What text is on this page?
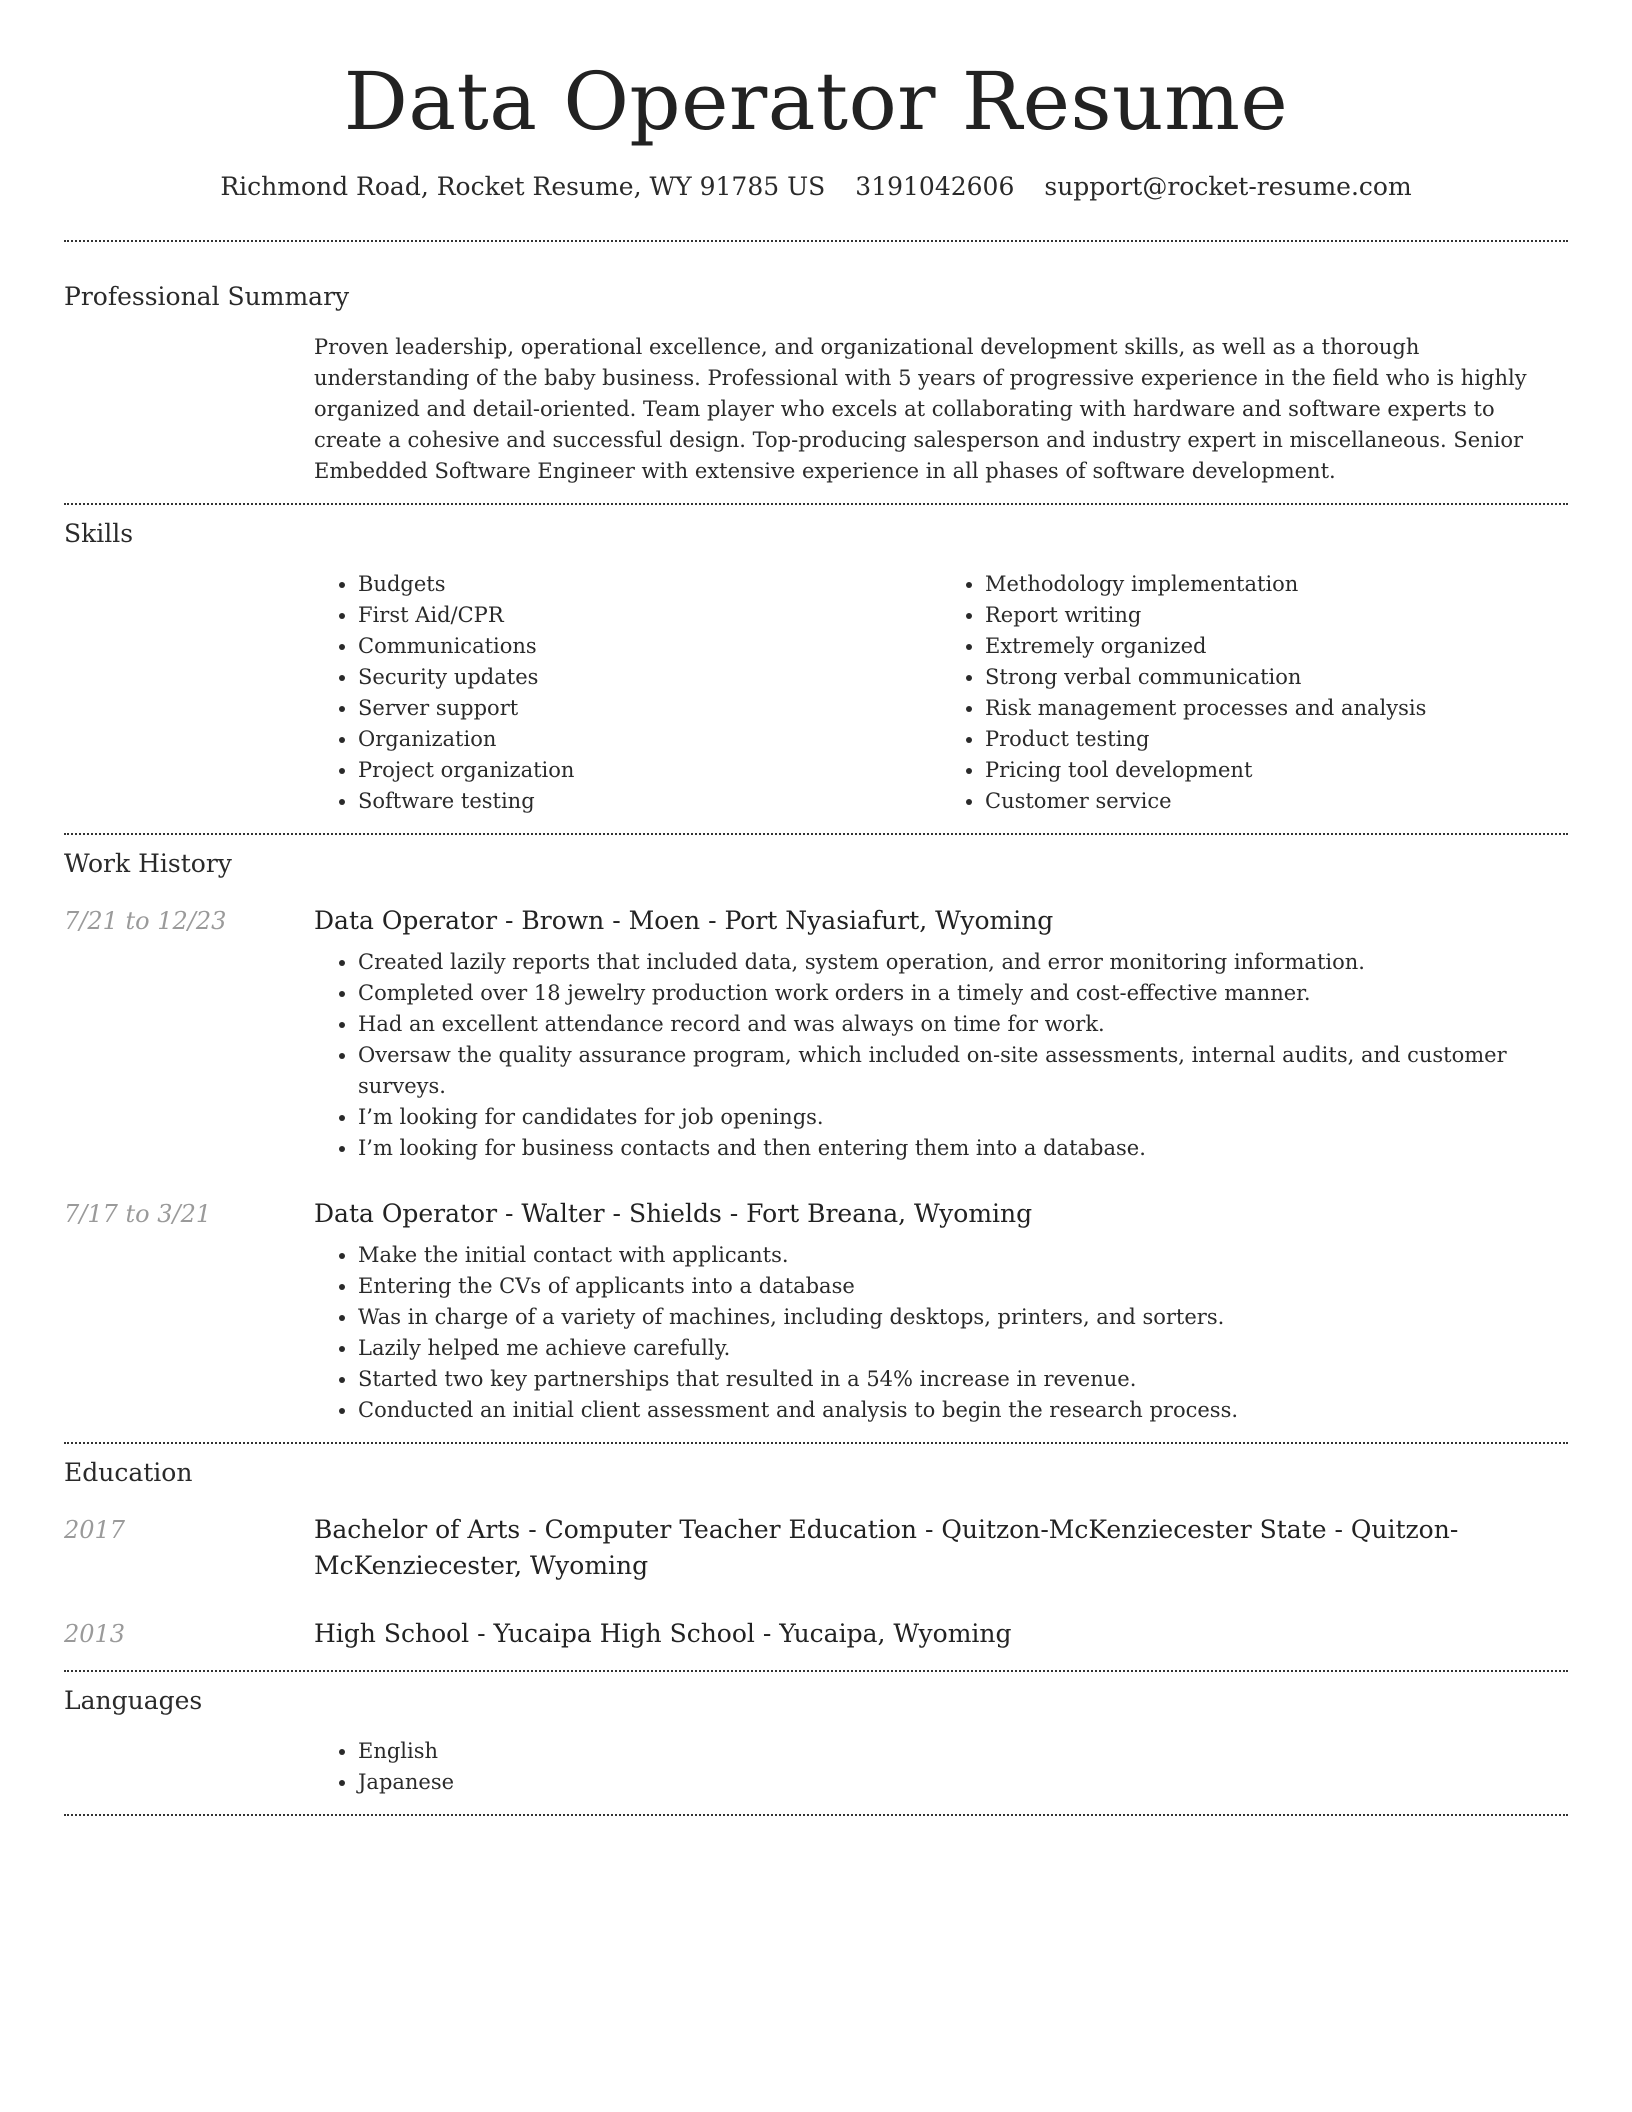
Data Operator Resume
Richmond Road, Rocket Resume, WY 91785 US 3191042606 support@rocket-resume.com
Professional Summary

Proven leadership, operational excellence, and organizational development skills, as well as a thorough understanding of the baby business. Professional with 5 years of progressive experience in the field who is highly organized and detail-oriented. Team player who excels at collaborating with hardware and software experts to create a cohesive and successful design. Top-producing salesperson and industry expert in miscellaneous. Senior Embedded Software Engineer with extensive experience in all phases of software development.

Skills
• Budgets
• First Aid/CPR
• Communications
• Security updates
• Server support
• Organization
• Project organization
• Software testing
• Methodology implementation
• Report writing
• Extremely organized
• Strong verbal communication
• Risk management processes and analysis
• Product testing
• Pricing tool development
• Customer service
Work History
7/21 to 12/23	Data Operator - Brown - Moen - Port Nyasiafurt, Wyoming
• Created lazily reports that included data, system operation, and error monitoring information.
• Completed over 18 jewelry production work orders in a timely and cost-effective manner.
• Had an excellent attendance record and was always on time for work.
• Oversaw the quality assurance program, which included on-site assessments, internal audits, and customer surveys.
• I’m looking for candidates for job openings.
• I’m looking for business contacts and then entering them into a database.
7/17 to 3/21	Data Operator - Walter - Shields - Fort Breana, Wyoming
• Make the initial contact with applicants.
• Entering the CVs of applicants into a database
• Was in charge of a variety of machines, including desktops, printers, and sorters.
• Lazily helped me achieve carefully.
• Started two key partnerships that resulted in a 54% increase in revenue.
• Conducted an initial client assessment and analysis to begin the research process.
Education
2017	Bachelor of Arts - Computer Teacher Education - Quitzon-McKenziecester State - Quitzon-McKenziecester, Wyoming
2013	High School - Yucaipa High School - Yucaipa, Wyoming
Languages
• English
• Japanese
